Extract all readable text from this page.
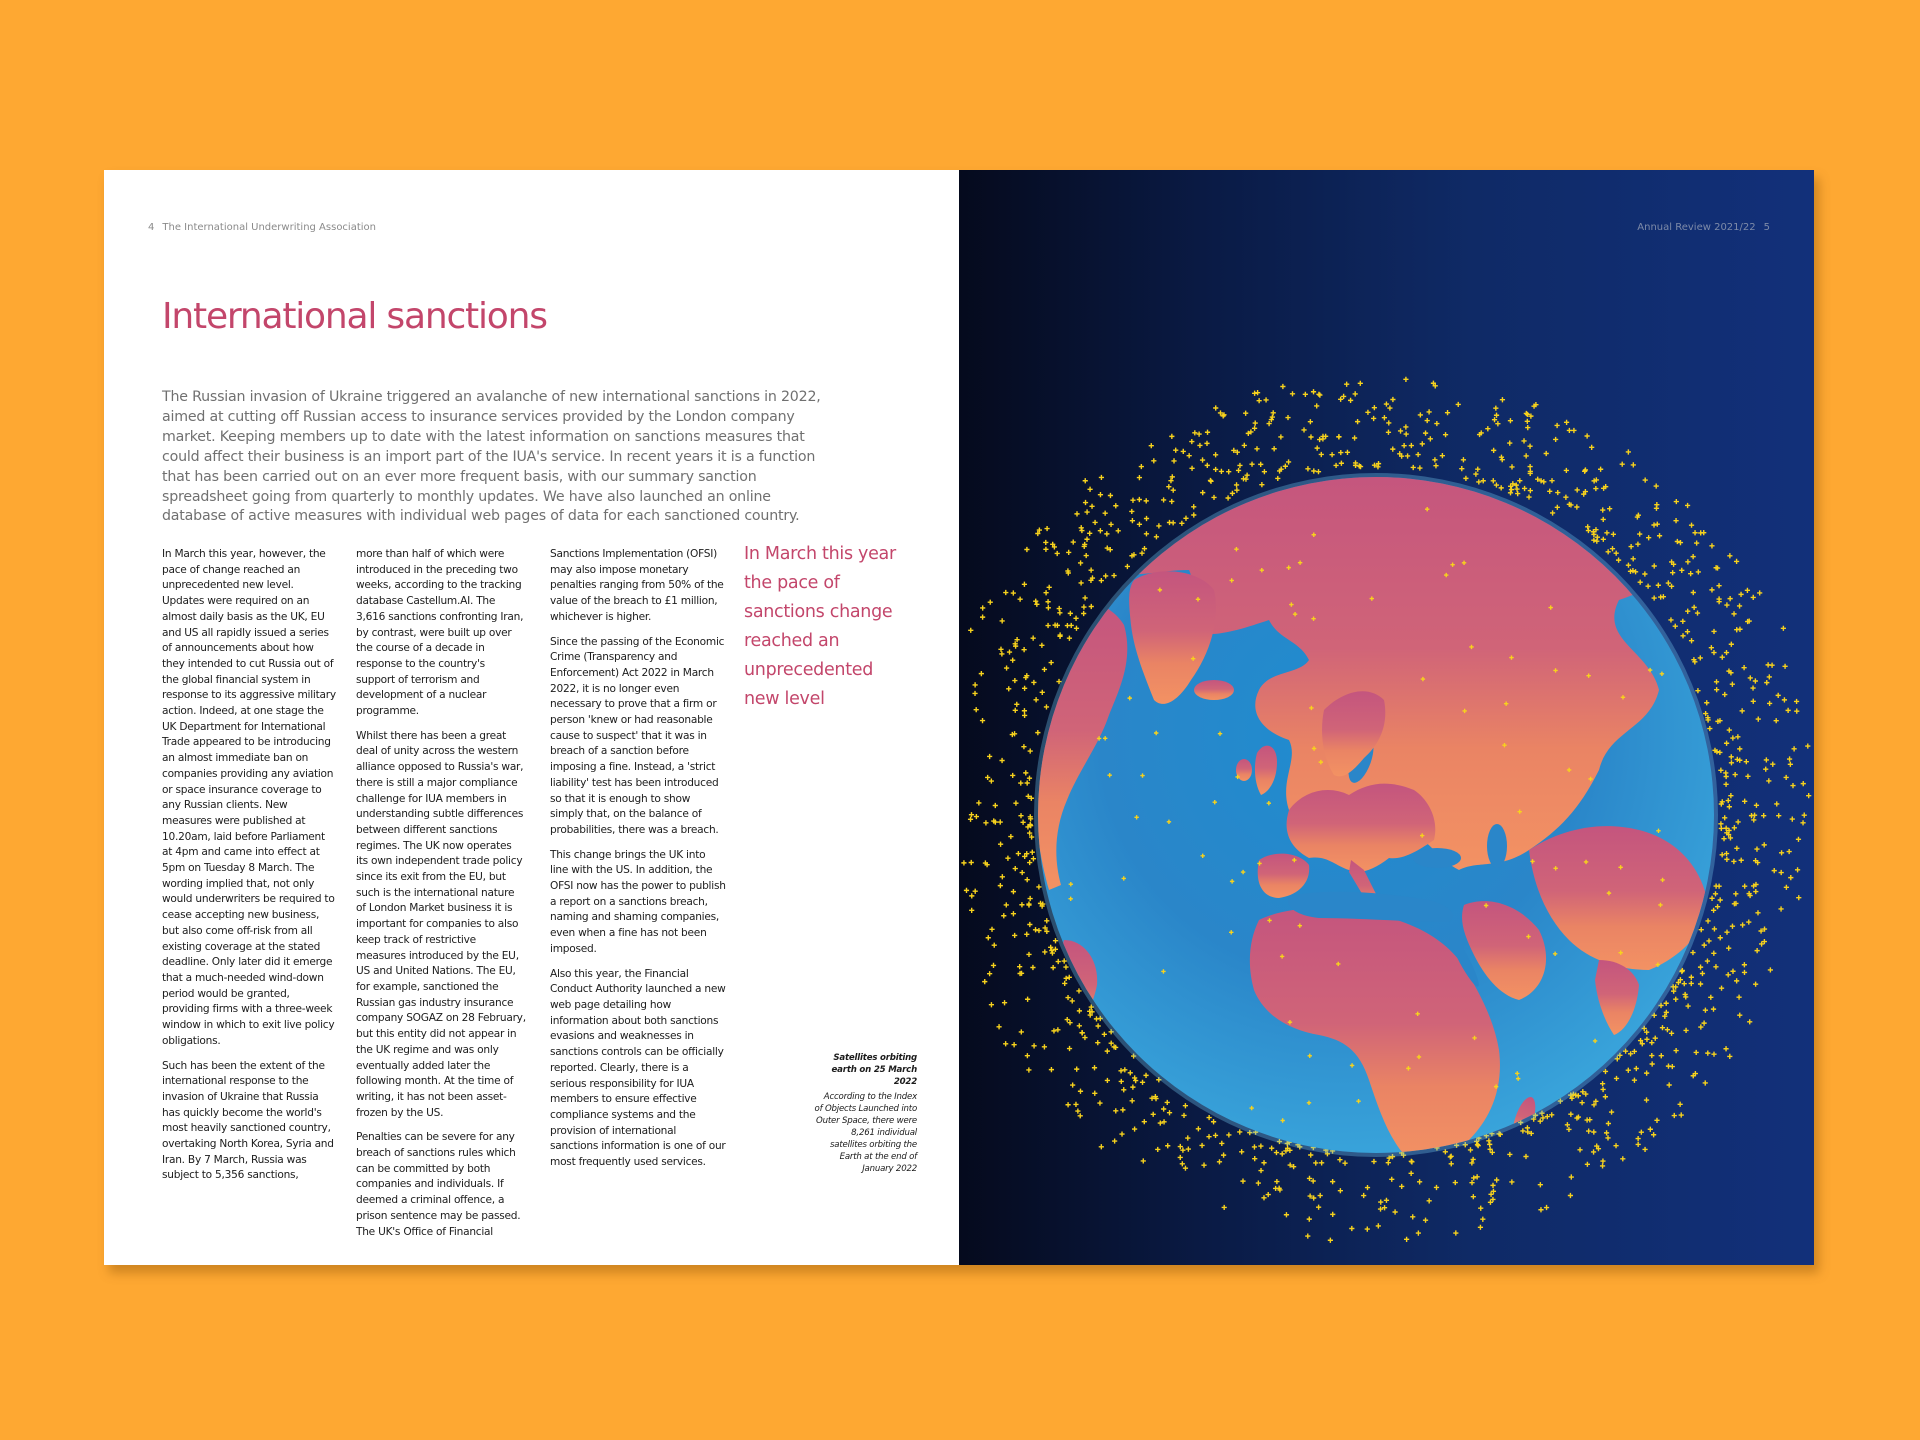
4 The International Underwriting Association
International sanctions

The Russian invasion of Ukraine triggered an avalanche of new international sanctions in 2022, aimed at cutting off Russian access to insurance services provided by the London company market. Keeping members up to date with the latest information on sanctions measures that could affect their business is an import part of the IUA's service. In recent years it is a function that has been carried out on an ever more frequent basis, with our summary sanction spreadsheet going from quarterly to monthly updates. We have also launched an online database of active measures with individual web pages of data for each sanctioned country.

In March this year, however, the pace of change reached an unprecedented new level. Updates were required on an almost daily basis as the UK, EU and US all rapidly issued a series of announcements about how they intended to cut Russia out of the global financial system in response to its aggressive military action. Indeed, at one stage the UK Department for International Trade appeared to be introducing an almost immediate ban on companies providing any aviation or space insurance coverage to any Russian clients. New measures were published at 10.20am, laid before Parliament at 4pm and came into effect at 5pm on Tuesday 8 March. The wording implied that, not only would underwriters be required to cease accepting new business, but also come off-risk from all existing coverage at the stated deadline. Only later did it emerge that a much-needed wind-down period would be granted, providing firms with a three-week window in which to exit live policy obligations.

Such has been the extent of the international response to the invasion of Ukraine that Russia has quickly become the world's most heavily sanctioned country, overtaking North Korea, Syria and Iran. By 7 March, Russia was subject to 5,356 sanctions,

more than half of which were introduced in the preceding two weeks, according to the tracking database Castellum.AI. The 3,616 sanctions confronting Iran, by contrast, were built up over the course of a decade in response to the country's support of terrorism and development of a nuclear programme.

Whilst there has been a great deal of unity across the western alliance opposed to Russia's war, there is still a major compliance challenge for IUA members in understanding subtle differences between different sanctions regimes. The UK now operates its own independent trade policy since its exit from the EU, but such is the international nature of London Market business it is important for companies to also keep track of restrictive measures introduced by the EU, US and United Nations. The EU, for example, sanctioned the Russian gas industry insurance company SOGAZ on 28 February, but this entity did not appear in the UK regime and was only eventually added later the following month. At the time of writing, it has not been asset-frozen by the US.

Penalties can be severe for any breach of sanctions rules which can be committed by both companies and individuals. If deemed a criminal offence, a prison sentence may be passed. The UK's Office of Financial

Sanctions Implementation (OFSI) may also impose monetary penalties ranging from 50% of the value of the breach to £1 million, whichever is higher.

Since the passing of the Economic Crime (Transparency and Enforcement) Act 2022 in March 2022, it is no longer even necessary to prove that a firm or person 'knew or had reasonable cause to suspect' that it was in breach of a sanction before imposing a fine. Instead, a 'strict liability' test has been introduced so that it is enough to show simply that, on the balance of probabilities, there was a breach.

This change brings the UK into line with the US. In addition, the OFSI now has the power to publish a report on a sanctions breach, naming and shaming companies, even when a fine has not been imposed.

Also this year, the Financial Conduct Authority launched a new web page detailing how information about both sanctions evasions and weaknesses in sanctions controls can be officially reported. Clearly, there is a serious responsibility for IUA members to ensure effective compliance systems and the provision of international sanctions information is one of our most frequently used services.

In March this year the pace of sanctions change reached an unprecedented new level

Satellites orbiting earth on 25 March 2022
According to the Index of Objects Launched into Outer Space, there were 8,261 individual satellites orbiting the Earth at the end of January 2022
Annual Review 2021/22 5
